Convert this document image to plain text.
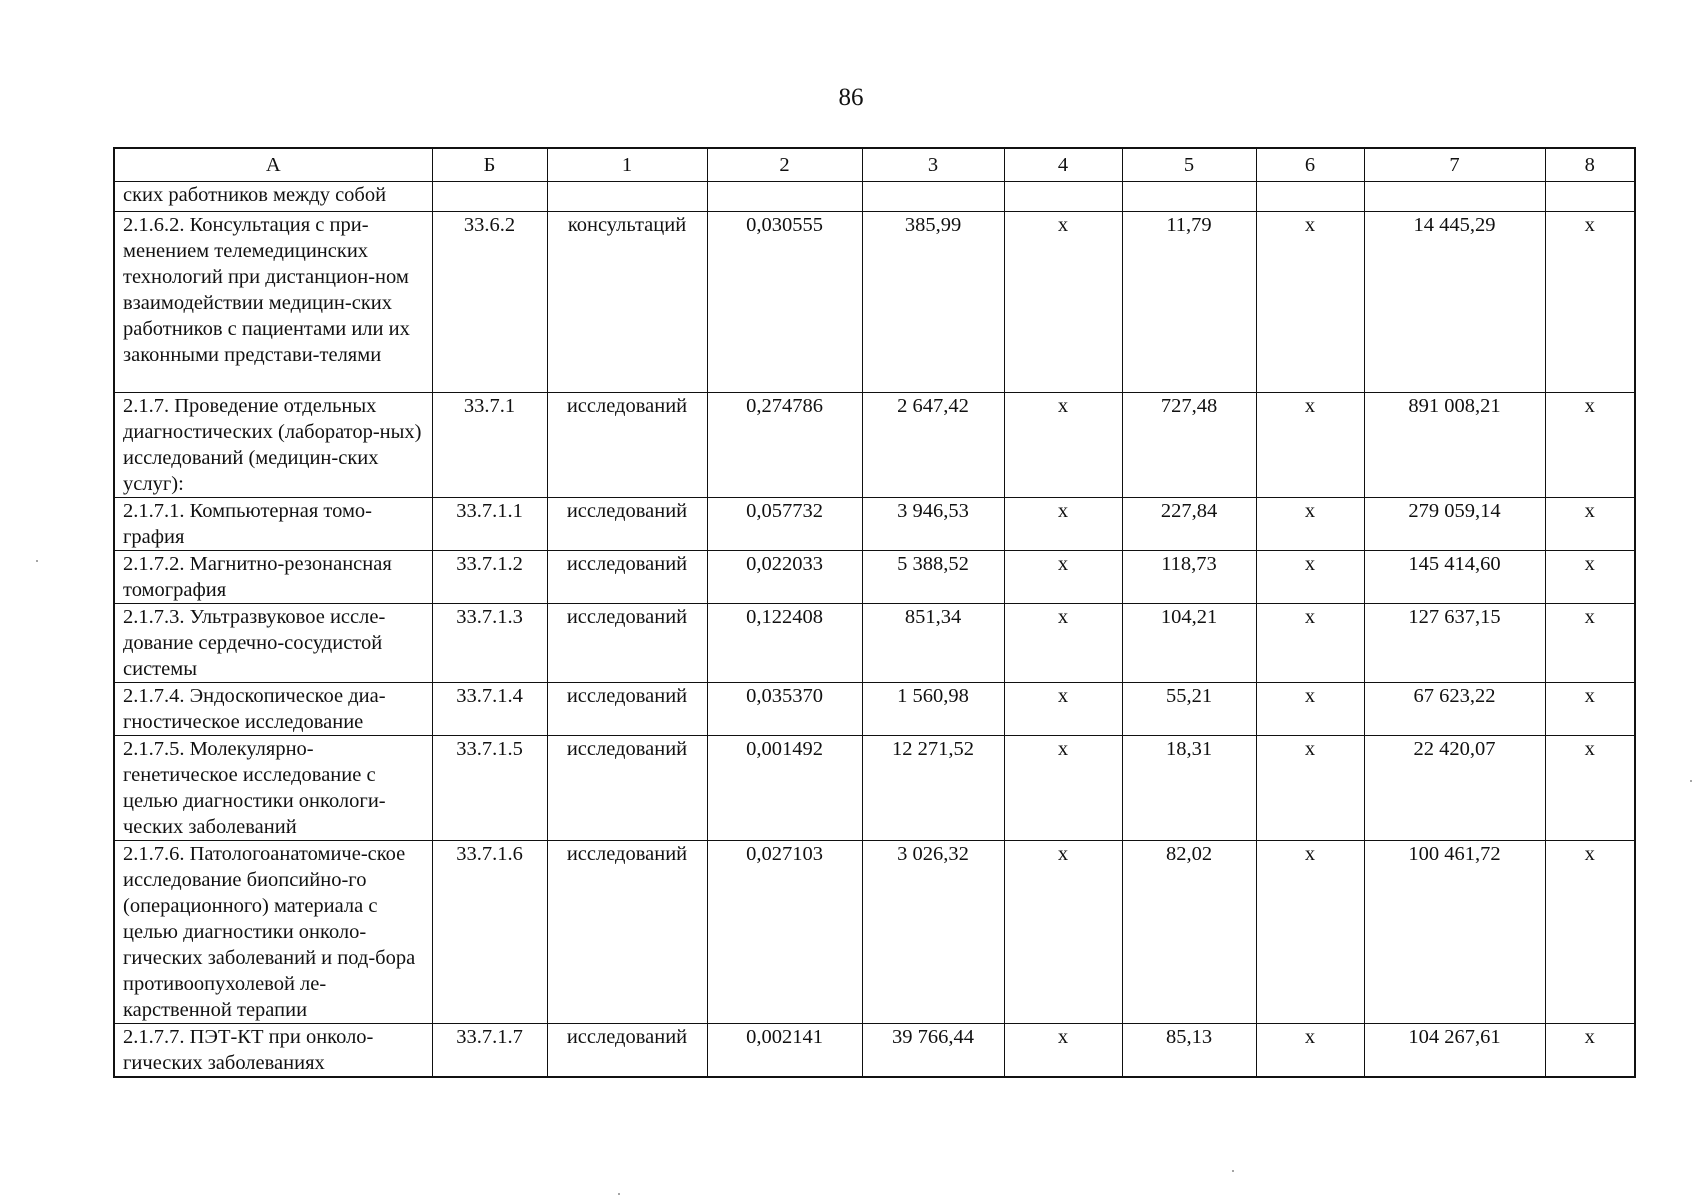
86
А	Б	1	2	3	4	5	6	7	8
ских работников между собой									
2.1.6.2. Консультация с при-менением телемедицинских технологий при дистанцион-ном взаимодействии медицин-ских работников с пациентами или их законными представи-телями	33.6.2	консультаций	0,030555	385,99	х	11,79	х	14 445,29	х
2.1.7. Проведение отдельных диагностических (лаборатор-ных) исследований (медицин-ских услуг):	33.7.1	исследований	0,274786	2 647,42	х	727,48	х	891 008,21	х
2.1.7.1. Компьютерная томо-графия	33.7.1.1	исследований	0,057732	3 946,53	х	227,84	х	279 059,14	х
2.1.7.2. Магнитно-резонансная томография	33.7.1.2	исследований	0,022033	5 388,52	х	118,73	х	145 414,60	х
2.1.7.3. Ультразвуковое иссле-дование сердечно-сосудистой системы	33.7.1.3	исследований	0,122408	851,34	х	104,21	х	127 637,15	х
2.1.7.4. Эндоскопическое диа-гностическое исследование	33.7.1.4	исследований	0,035370	1 560,98	х	55,21	х	67 623,22	х
2.1.7.5. Молекулярно-генетическое исследование с целью диагностики онкологи-ческих заболеваний	33.7.1.5	исследований	0,001492	12 271,52	х	18,31	х	22 420,07	х
2.1.7.6. Патологоанатомиче-ское исследование биопсийно-го (операционного) материала с целью диагностики онколо-гических заболеваний и под-бора противоопухолевой ле-карственной терапии	33.7.1.6	исследований	0,027103	3 026,32	х	82,02	х	100 461,72	х
2.1.7.7. ПЭТ-КТ при онколо-гических заболеваниях	33.7.1.7	исследований	0,002141	39 766,44	х	85,13	х	104 267,61	х
